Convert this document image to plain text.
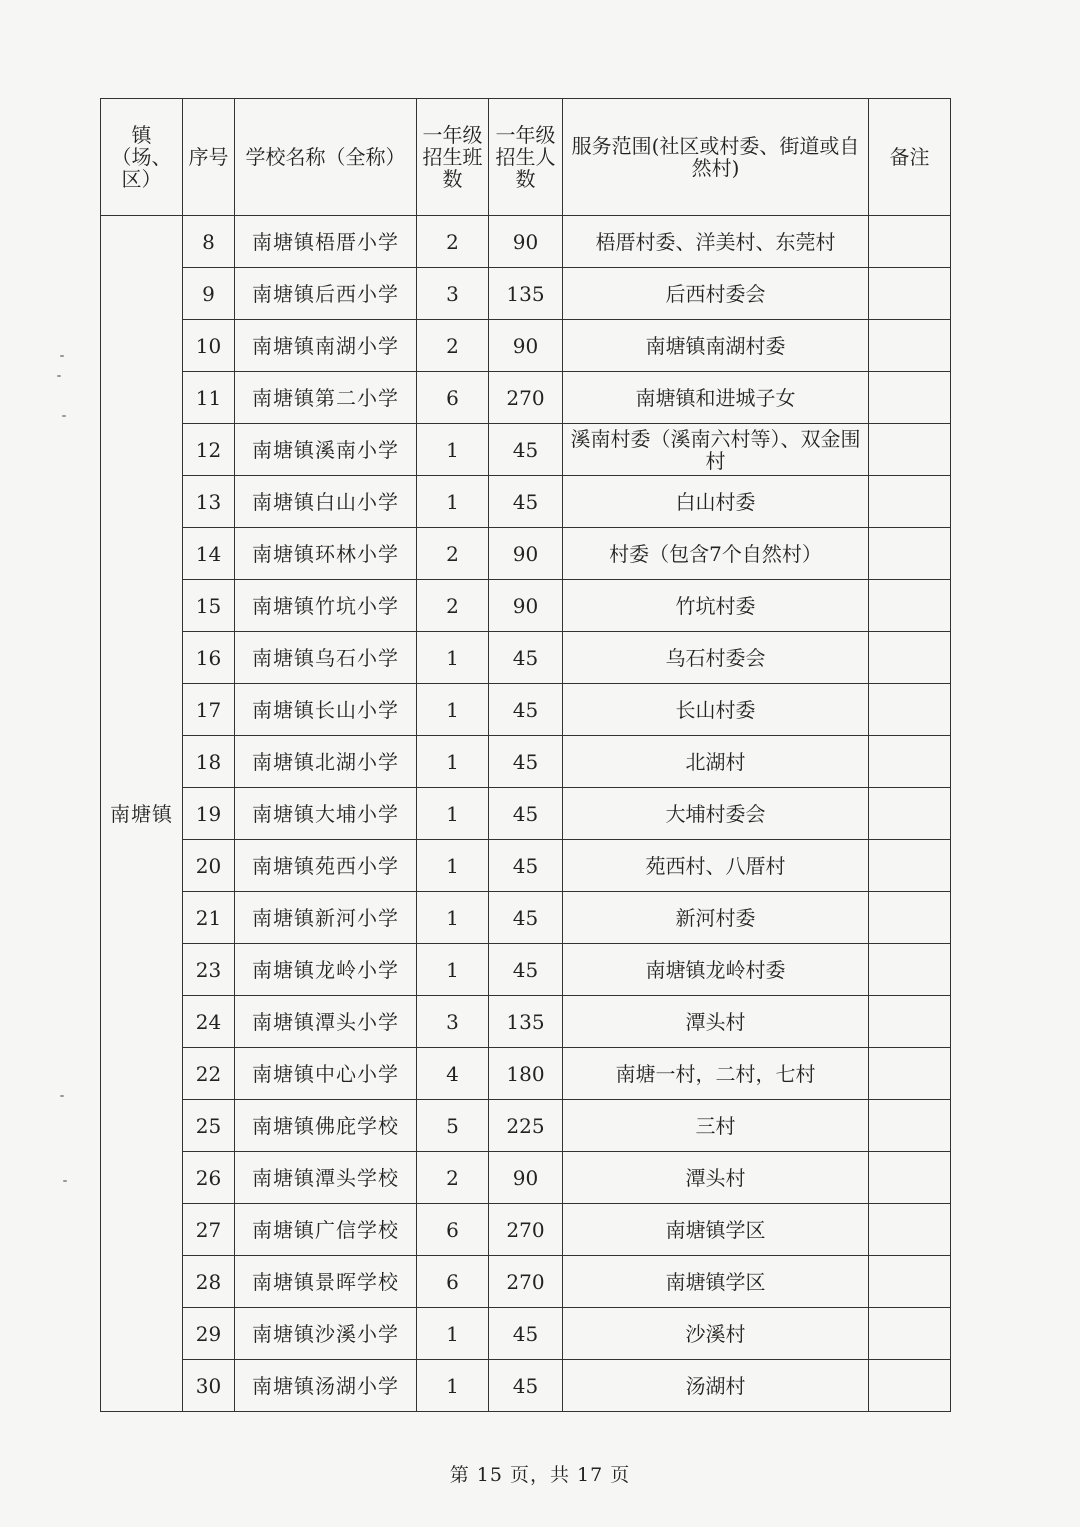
镇（场、区）	序号	学校名称（全称）	一年级招生班数	一年级招生人数	服务范围(社区或村委、街道或自然村)	备注
南塘镇	8	南塘镇梧厝小学	2	90	梧厝村委、洋美村、东莞村	
	9	南塘镇后西小学	3	135	后西村委会	
	10	南塘镇南湖小学	2	90	南塘镇南湖村委	
	11	南塘镇第二小学	6	270	南塘镇和进城子女	
	12	南塘镇溪南小学	1	45	溪南村委（溪南六村等）、双金围村	
	13	南塘镇白山小学	1	45	白山村委	
	14	南塘镇环林小学	2	90	村委（包含7个自然村）	
	15	南塘镇竹坑小学	2	90	竹坑村委	
	16	南塘镇乌石小学	1	45	乌石村委会	
	17	南塘镇长山小学	1	45	长山村委	
	18	南塘镇北湖小学	1	45	北湖村	
	19	南塘镇大埔小学	1	45	大埔村委会	
	20	南塘镇苑西小学	1	45	苑西村、八厝村	
	21	南塘镇新河小学	1	45	新河村委	
	23	南塘镇龙岭小学	1	45	南塘镇龙岭村委	
	24	南塘镇潭头小学	3	135	潭头村	
	22	南塘镇中心小学	4	180	南塘一村，二村，七村	
	25	南塘镇佛庇学校	5	225	三村	
	26	南塘镇潭头学校	2	90	潭头村	
	27	南塘镇广信学校	6	270	南塘镇学区	
	28	南塘镇景晖学校	6	270	南塘镇学区	
	29	南塘镇沙溪小学	1	45	沙溪村	
	30	南塘镇汤湖小学	1	45	汤湖村	
第 15 页，共 17 页
